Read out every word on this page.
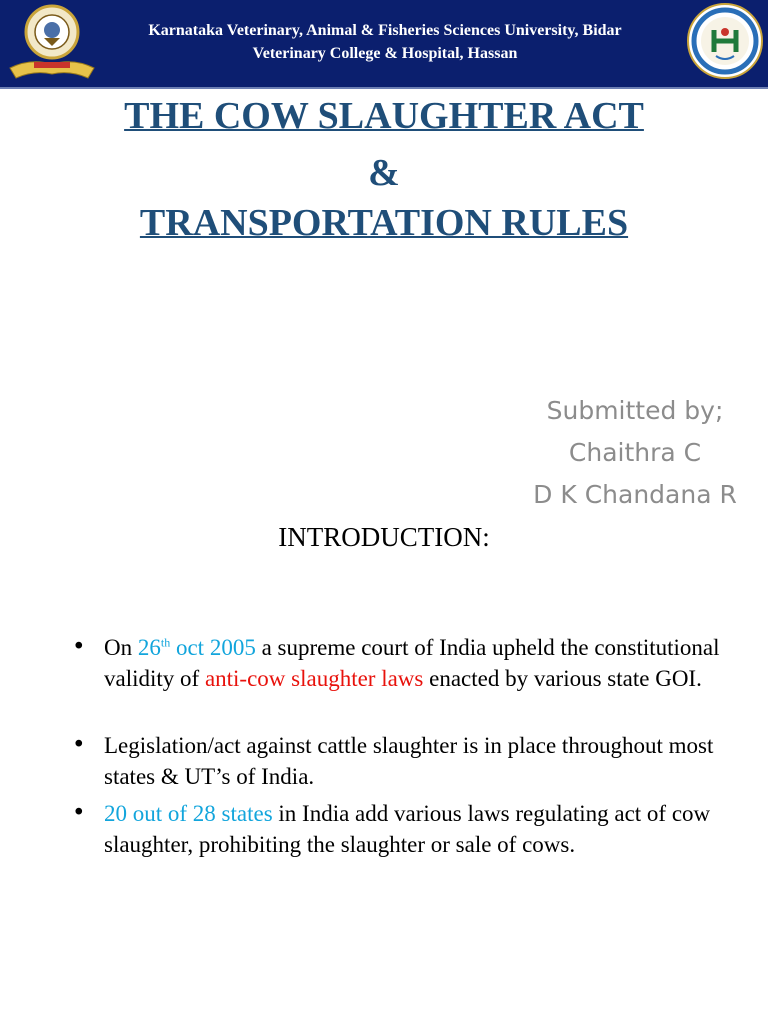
Karnataka Veterinary, Animal & Fisheries Sciences University, Bidar
Veterinary College & Hospital, Hassan
THE COW SLAUGHTER ACT
&
TRANSPORTATION RULES
Submitted by;
Chaithra C
D K Chandana R
INTRODUCTION:
• On 26th oct 2005 a supreme court of India upheld the constitutional validity of anti-cow slaughter laws enacted by various state GOI.
• Legislation/act against cattle slaughter is in place throughout most states & UT’s of India.
• 20 out of 28 states in India add various laws regulating act of cow slaughter, prohibiting the slaughter or sale of cows.
